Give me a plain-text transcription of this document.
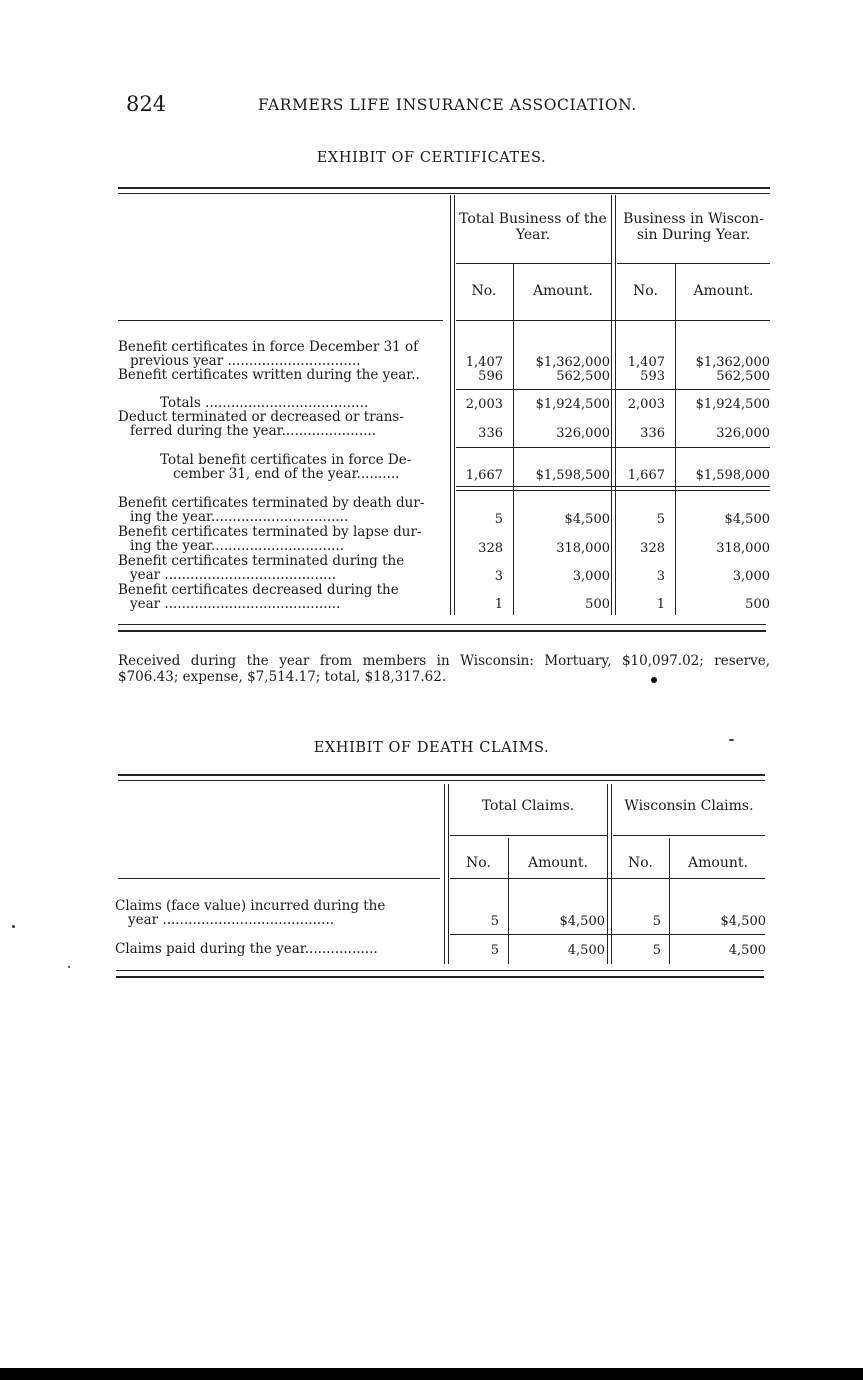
824	FARMERS LIFE INSURANCE ASSOCIATION.
EXHIBIT OF CERTIFICATES.
Total Business of the Year.
Business in Wiscon-sin During Year.
No.	Amount.	No.	Amount.
Benefit certificates in force December 31 of
previous year ...............................	1,407	$1,362,000	1,407	$1,362,000
Benefit certificates written during the year..	596	562,500	593	562,500
Totals ......................................	2,003	$1,924,500	2,003	$1,924,500
Deduct terminated or decreased or trans-
ferred during the year......................	336	326,000	336	326,000
Total benefit certificates in force De-
cember 31, end of the year..........	1,667	$1,598,500	1,667	$1,598,000
Benefit certificates terminated by death dur-
ing the year................................	5	$4,500	5	$4,500
Benefit certificates terminated by lapse dur-
ing the year...............................	328	318,000	328	318,000
Benefit certificates terminated during the
year ........................................	3	3,000	3	3,000
Benefit certificates decreased during the
year .........................................	1	500	1	500
Received during the year from members in Wisconsin: Mortuary, $10,097.02; reserve, $706.43; expense, $7,514.17; total, $18,317.62.
EXHIBIT OF DEATH CLAIMS.
Total Claims.	Wisconsin Claims.
No.	Amount.	No.	Amount.
Claims (face value) incurred during the
year ........................................	5	$4,500	5	$4,500
Claims paid during the year.................	5	4,500	5	4,500
